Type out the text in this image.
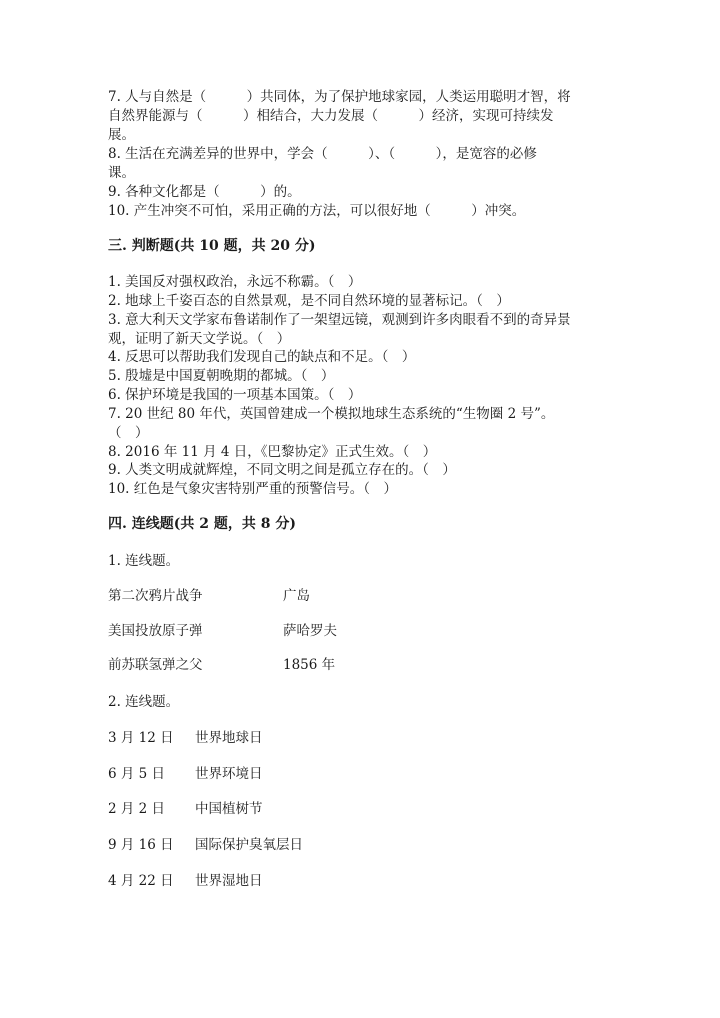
7. 人与自然是（　　　）共同体，为了保护地球家园，人类运用聪明才智，将

自然界能源与（　　　）相结合，大力发展（　　　）经济，实现可持续发

展。

8. 生活在充满差异的世界中，学会（　　　）、（　　　），是宽容的必修

课。

9. 各种文化都是（　　　）的。

10. 产生冲突不可怕，采用正确的方法，可以很好地（　　　）冲突。

三. 判断题(共 10 题，共 20 分)

1. 美国反对强权政治，永远不称霸。（　）

2. 地球上千姿百态的自然景观，是不同自然环境的显著标记。（　）

3. 意大利天文学家布鲁诺制作了一架望远镜，观测到许多肉眼看不到的奇异景

观，证明了新天文学说。（　）

4. 反思可以帮助我们发现自己的缺点和不足。（　）

5. 殷墟是中国夏朝晚期的都城。（　）

6. 保护环境是我国的一项基本国策。（　）

7. 20 世纪 80 年代，英国曾建成一个模拟地球生态系统的“生物圈 2 号”。

（　）

8. 2016 年 11 月 4 日，《巴黎协定》正式生效。（　）

9. 人类文明成就辉煌，不同文明之间是孤立存在的。（　）

10. 红色是气象灾害特别严重的预警信号。（　）

四. 连线题(共 2 题，共 8 分)

1. 连线题。

第二次鸦片战争	广岛

美国投放原子弹	萨哈罗夫

前苏联氢弹之父	1856 年

2. 连线题。

3 月 12 日 世界地球日

6 月 5 日 世界环境日

2 月 2 日 中国植树节

9 月 16 日 国际保护臭氧层日

4 月 22 日 世界湿地日
